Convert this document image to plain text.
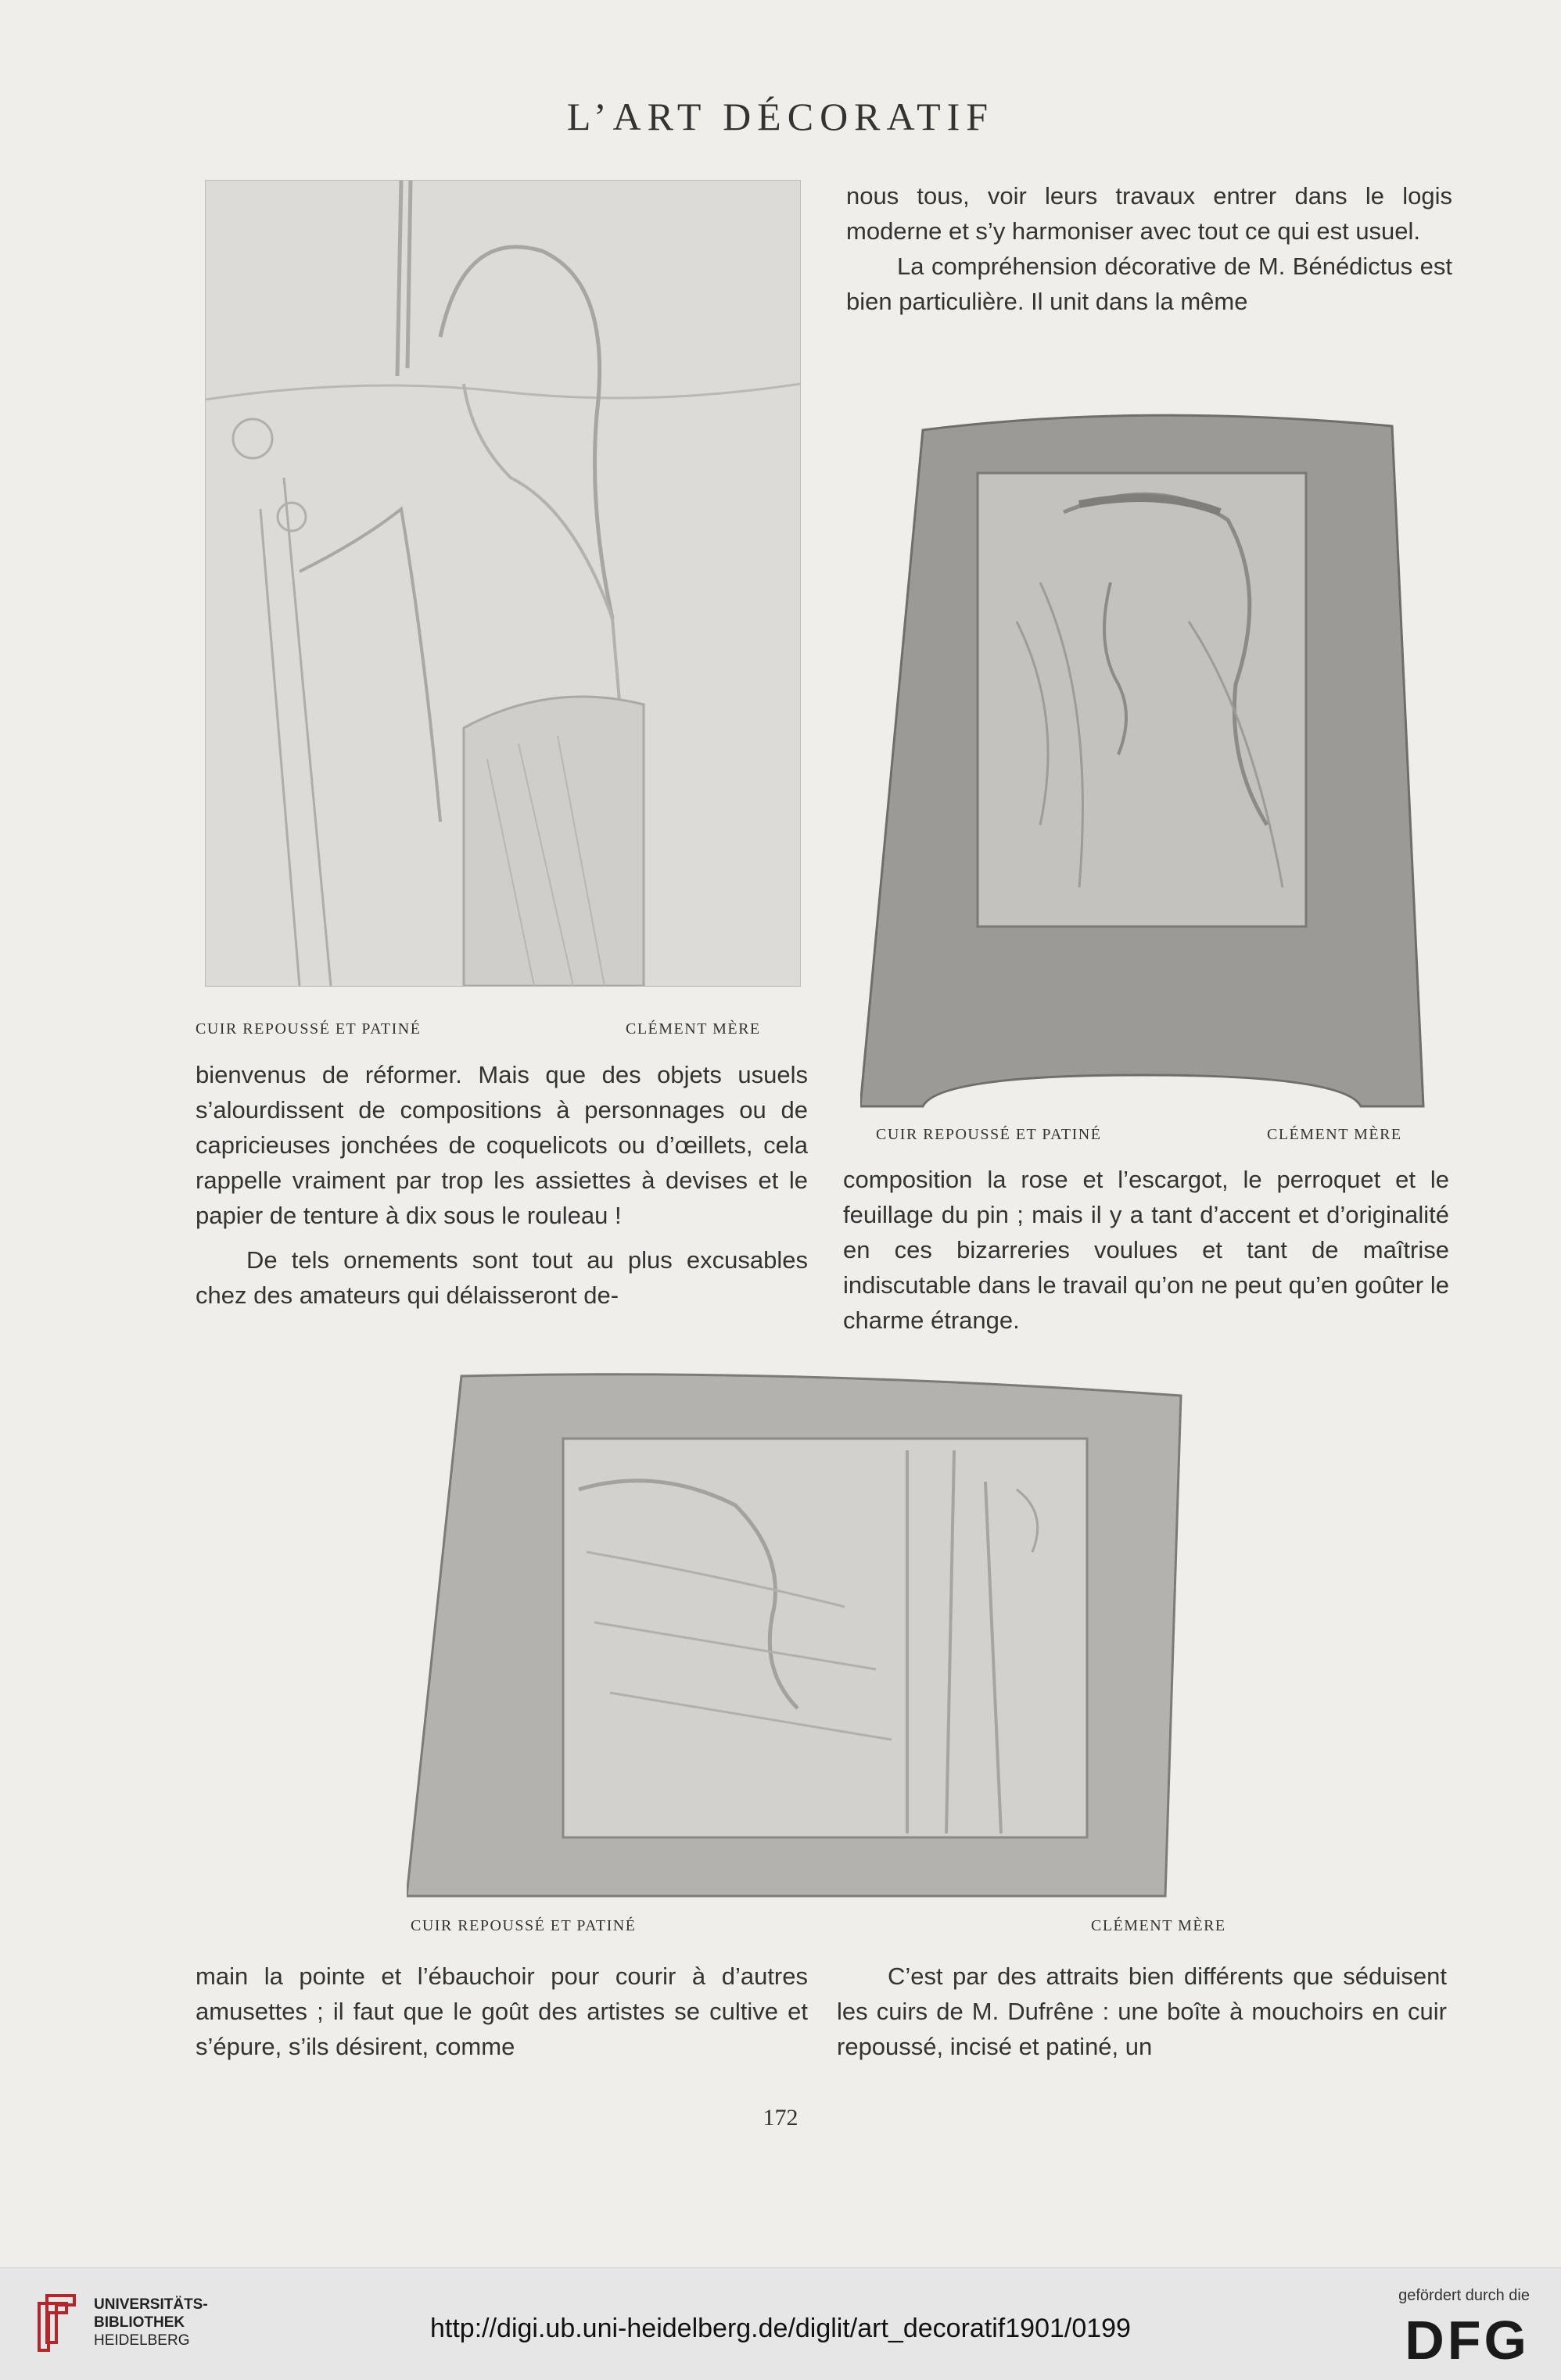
L’ART DÉCORATIF
CUIR REPOUSSÉ ET PATINÉ	CLÉMENT MÈRE

nous tous, voir leurs travaux entrer dans le logis moderne et s’y harmoniser avec tout ce qui est usuel.

La compréhension décorative de M. Bénédictus est bien particulière. Il unit dans la même

CUIR REPOUSSÉ ET PATINÉ	CLÉMENT MÈRE

bienvenus de réformer. Mais que des objets usuels s’alourdissent de compositions à personnages ou de capricieuses jonchées de coquelicots ou d’œillets, cela rappelle vraiment par trop les assiettes à devises et le papier de tenture à dix sous le rouleau !

De tels ornements sont tout au plus excusables chez des amateurs qui délaisseront de-

composition la rose et l’escargot, le perroquet et le feuillage du pin ; mais il y a tant d’accent et d’originalité en ces bizarreries voulues et tant de maîtrise indiscutable dans le travail qu’on ne peut qu’en goûter le charme étrange.

CUIR REPOUSSÉ ET PATINÉ	CLÉMENT MÈRE

main la pointe et l’ébauchoir pour courir à d’autres amusettes ; il faut que le goût des artistes se cultive et s’épure, s’ils désirent, comme

C’est par des attraits bien différents que séduisent les cuirs de M. Dufrêne : une boîte à mouchoirs en cuir repoussé, incisé et patiné, un

172
UNIVERSITÄTS-
BIBLIOTHEK
HEIDELBERG	http://digi.ub.uni-heidelberg.de/diglit/art_decoratif1901/0199
gefördert durch die
DFG
